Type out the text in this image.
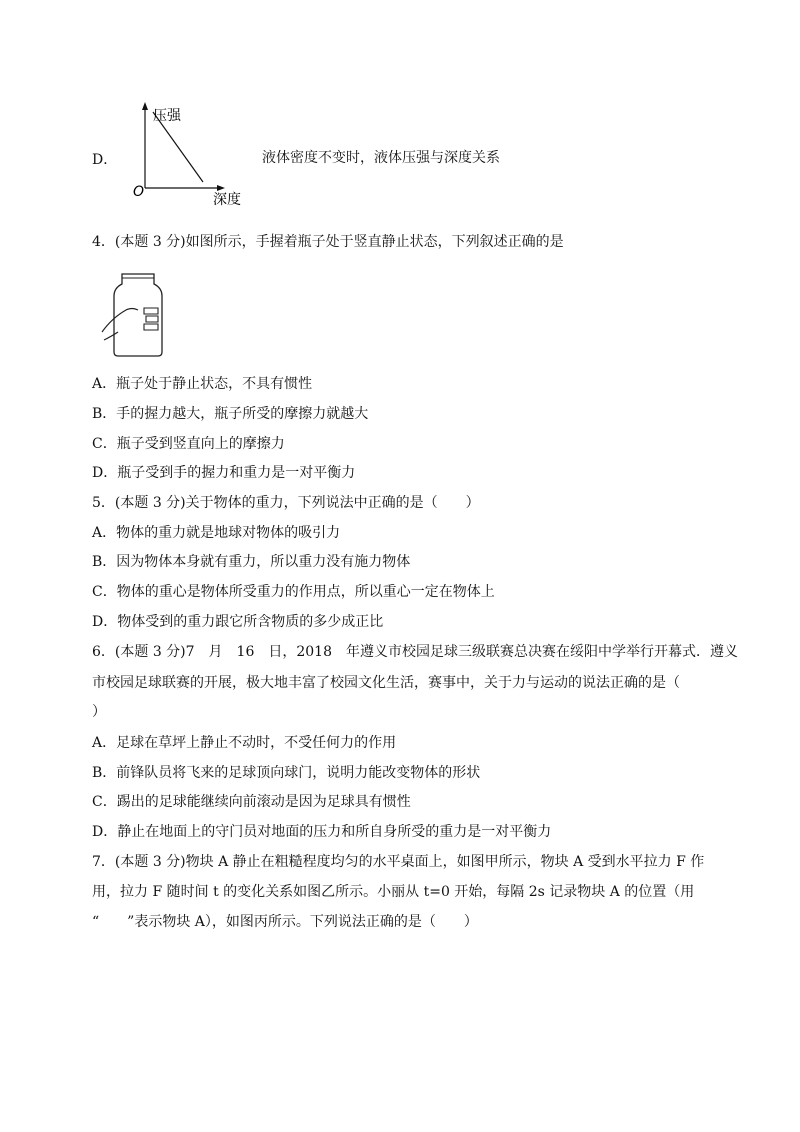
D．
压强
深度
O
液体密度不变时，液体压强与深度关系
4．(本题 3 分)如图所示，手握着瓶子处于竖直静止状态，下列叙述正确的是
A．瓶子处于静止状态，不具有惯性
B．手的握力越大，瓶子所受的摩擦力就越大
C．瓶子受到竖直向上的摩擦力
D．瓶子受到手的握力和重力是一对平衡力
5．(本题 3 分)关于物体的重力，下列说法中正确的是（　　）
A．物体的重力就是地球对物体的吸引力
B．因为物体本身就有重力，所以重力没有施力物体
C．物体的重心是物体所受重力的作用点，所以重心一定在物体上
D．物体受到的重力跟它所含物质的多少成正比
6．(本题 3 分)7　月　16　日，2018　年遵义市校园足球三级联赛总决赛在绥阳中学举行开幕式．遵义
市校园足球联赛的开展，极大地丰富了校园文化生活，赛事中，关于力与运动的说法正确的是（
）
A．足球在草坪上静止不动时，不受任何力的作用
B．前锋队员将飞来的足球顶向球门，说明力能改变物体的形状
C．踢出的足球能继续向前滚动是因为足球具有惯性
D．静止在地面上的守门员对地面的压力和所自身所受的重力是一对平衡力
7．(本题 3 分)物块 A 静止在粗糙程度均匀的水平桌面上，如图甲所示，物块 A 受到水平拉力 F 作
用，拉力 F 随时间 t 的变化关系如图乙所示。小丽从 t=0 开始，每隔 2s 记录物块 A 的位置（用
“　　”表示物块 A），如图丙所示。下列说法正确的是（　　）
